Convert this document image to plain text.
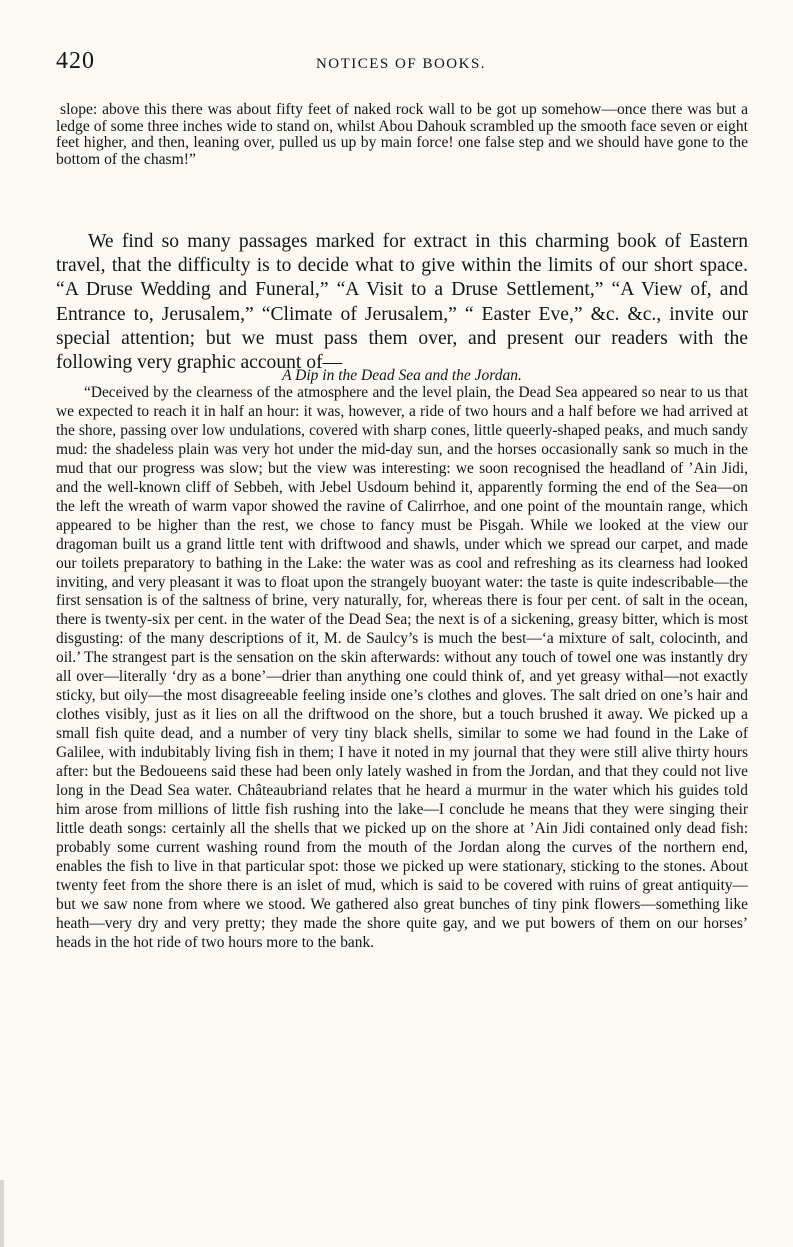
420	NOTICES OF BOOKS.

slope: above this there was about fifty feet of naked rock wall to be got up somehow—once there was but a ledge of some three inches wide to stand on, whilst Abou Dahouk scrambled up the smooth face seven or eight feet higher, and then, leaning over, pulled us up by main force! one false step and we should have gone to the bottom of the chasm!”

We find so many passages marked for extract in this charming book of Eastern travel, that the difficulty is to decide what to give within the limits of our short space. “A Druse Wedding and Funeral,” “A Visit to a Druse Settlement,” “A View of, and Entrance to, Jerusalem,” “Climate of Jerusalem,” “ Easter Eve,” &c. &c., invite our special attention; but we must pass them over, and present our readers with the following very graphic account of—

A Dip in the Dead Sea and the Jordan.

“Deceived by the clearness of the atmosphere and the level plain, the Dead Sea appeared so near to us that we expected to reach it in half an hour: it was, however, a ride of two hours and a half before we had arrived at the shore, passing over low undulations, covered with sharp cones, little queerly-shaped peaks, and much sandy mud: the shadeless plain was very hot under the mid-day sun, and the horses occasionally sank so much in the mud that our progress was slow; but the view was interesting: we soon recognised the headland of ’Ain Jidi, and the well-known cliff of Sebbeh, with Jebel Usdoum behind it, apparently forming the end of the Sea—on the left the wreath of warm vapor showed the ravine of Calirrhoe, and one point of the mountain range, which appeared to be higher than the rest, we chose to fancy must be Pisgah. While we looked at the view our dragoman built us a grand little tent with driftwood and shawls, under which we spread our carpet, and made our toilets preparatory to bathing in the Lake: the water was as cool and refreshing as its clearness had looked inviting, and very pleasant it was to float upon the strangely buoyant water: the taste is quite indescribable—the first sensation is of the saltness of brine, very naturally, for, whereas there is four per cent. of salt in the ocean, there is twenty-six per cent. in the water of the Dead Sea; the next is of a sickening, greasy bitter, which is most disgusting: of the many descriptions of it, M. de Saulcy’s is much the best—‘a mixture of salt, colocinth, and oil.’ The strangest part is the sensation on the skin afterwards: without any touch of towel one was instantly dry all over—literally ‘dry as a bone’—drier than anything one could think of, and yet greasy withal—not exactly sticky, but oily—the most disagreeable feeling inside one’s clothes and gloves. The salt dried on one’s hair and clothes visibly, just as it lies on all the driftwood on the shore, but a touch brushed it away. We picked up a small fish quite dead, and a number of very tiny black shells, similar to some we had found in the Lake of Galilee, with indubitably living fish in them; I have it noted in my journal that they were still alive thirty hours after: but the Bedoueens said these had been only lately washed in from the Jordan, and that they could not live long in the Dead Sea water. Châteaubriand relates that he heard a murmur in the water which his guides told him arose from millions of little fish rushing into the lake—I conclude he means that they were singing their little death songs: certainly all the shells that we picked up on the shore at ’Ain Jidi contained only dead fish: probably some current washing round from the mouth of the Jordan along the curves of the northern end, enables the fish to live in that particular spot: those we picked up were stationary, sticking to the stones. About twenty feet from the shore there is an islet of mud, which is said to be covered with ruins of great antiquity—but we saw none from where we stood. We gathered also great bunches of tiny pink flowers—something like heath—very dry and very pretty; they made the shore quite gay, and we put bowers of them on our horses’ heads in the hot ride of two hours more to the bank.
